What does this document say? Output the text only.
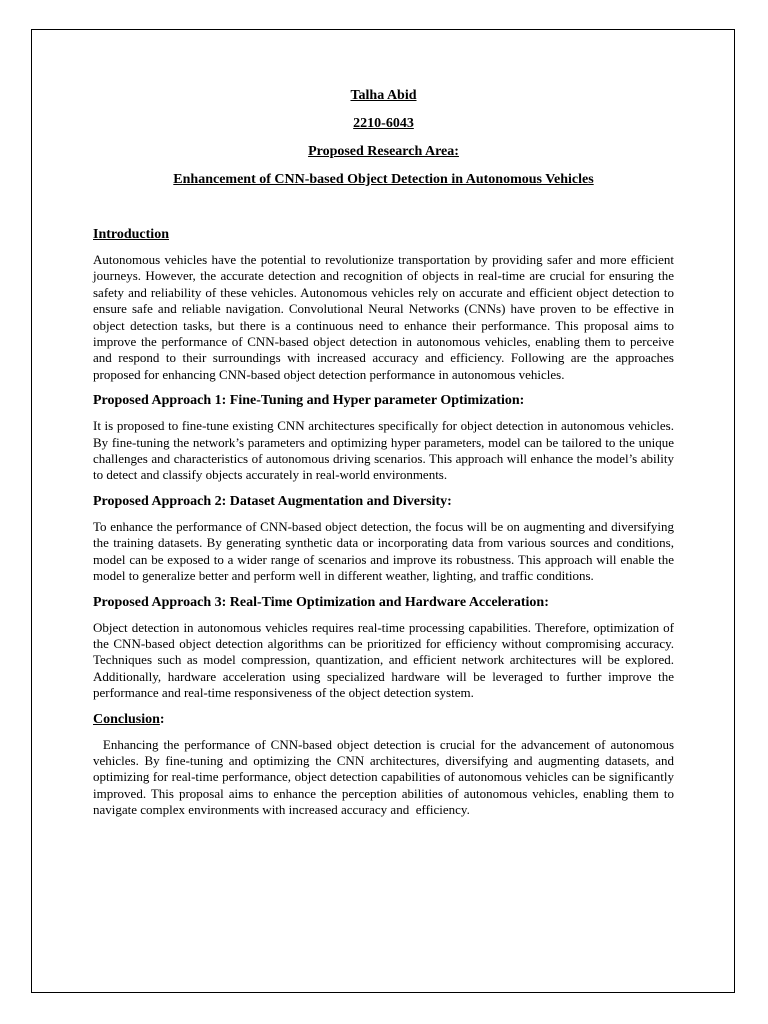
Talha Abid
2210-6043
Proposed Research Area:
Enhancement of CNN-based Object Detection in Autonomous Vehicles
Introduction

Autonomous vehicles have the potential to revolutionize transportation by providing safer and more efficient journeys. However, the accurate detection and recognition of objects in real-time are crucial for ensuring the safety and reliability of these vehicles. Autonomous vehicles rely on accurate and efficient object detection to ensure safe and reliable navigation. Convolutional Neural Networks (CNNs) have proven to be effective in object detection tasks, but there is a continuous need to enhance their performance. This proposal aims to improve the performance of CNN-based object detection in autonomous vehicles, enabling them to perceive and respond to their surroundings with increased accuracy and efficiency. Following are the approaches proposed for enhancing CNN-based object detection performance in autonomous vehicles.

Proposed Approach 1: Fine-Tuning and Hyper parameter Optimization:

It is proposed to fine-tune existing CNN architectures specifically for object detection in autonomous vehicles. By fine-tuning the network’s parameters and optimizing hyper parameters, model can be tailored to the unique challenges and characteristics of autonomous driving scenarios. This approach will enhance the model’s ability to detect and classify objects accurately in real-world environments.

Proposed Approach 2: Dataset Augmentation and Diversity:

To enhance the performance of CNN-based object detection, the focus will be on augmenting and diversifying the training datasets. By generating synthetic data or incorporating data from various sources and conditions, model can be exposed to a wider range of scenarios and improve its robustness. This approach will enable the model to generalize better and perform well in different weather, lighting, and traffic conditions.

Proposed Approach 3: Real-Time Optimization and Hardware Acceleration:

Object detection in autonomous vehicles requires real-time processing capabilities. Therefore, optimization of the CNN-based object detection algorithms can be prioritized for efficiency without compromising accuracy. Techniques such as model compression, quantization, and efficient network architectures will be explored. Additionally, hardware acceleration using specialized hardware will be leveraged to further improve the performance and real-time responsiveness of the object detection system.

Conclusion:

Enhancing the performance of CNN-based object detection is crucial for the advancement of autonomous vehicles. By fine-tuning and optimizing the CNN architectures, diversifying and augmenting datasets, and optimizing for real-time performance, object detection capabilities of autonomous vehicles can be significantly improved. This proposal aims to enhance the perception abilities of autonomous vehicles, enabling them to navigate complex environments with increased accuracy and  efficiency.
